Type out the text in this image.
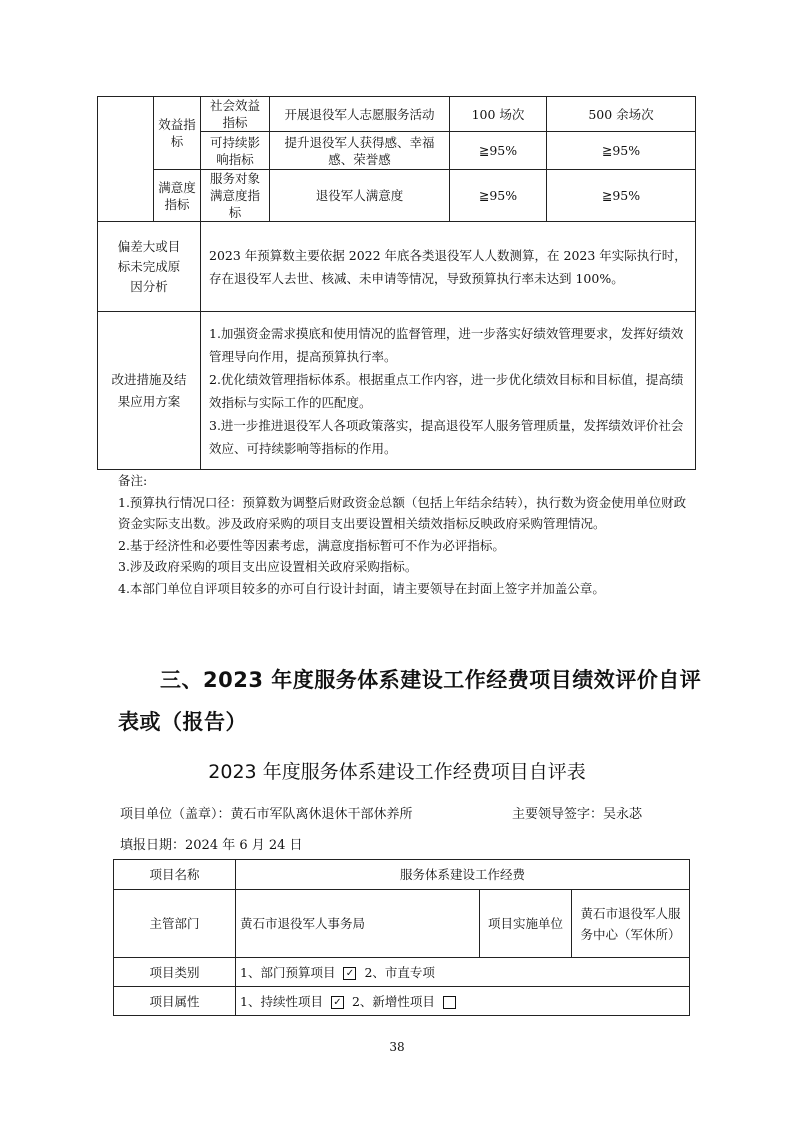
	效益指标	社会效益指标	开展退役军人志愿服务活动	100 场次	500 余场次
		可持续影响指标	提升退役军人获得感、幸福感、荣誉感	≧95%	≧95%
	满意度指标	服务对象满意度指标	退役军人满意度	≧95%	≧95%
偏差大或目标未完成原因分析		2023 年预算数主要依据 2022 年底各类退役军人人数测算，在 2023 年实际执行时，存在退役军人去世、核减、未申请等情况，导致预算执行率未达到 100%。			
改进措施及结果应用方案		1.加强资金需求摸底和使用情况的监督管理，进一步落实好绩效管理要求，发挥好绩效管理导向作用，提高预算执行率。
2.优化绩效管理指标体系。根据重点工作内容，进一步优化绩效目标和目标值，提高绩效指标与实际工作的匹配度。
3.进一步推进退役军人各项政策落实，提高退役军人服务管理质量，发挥绩效评价社会效应、可持续影响等指标的作用。			

备注:

1.预算执行情况口径：预算数为调整后财政资金总额（包括上年结余结转），执行数为资金使用单位财政资金实际支出数。涉及政府采购的项目支出要设置相关绩效指标反映政府采购管理情况。

2.基于经济性和必要性等因素考虑，满意度指标暂可不作为必评指标。

3.涉及政府采购的项目支出应设置相关政府采购指标。

4.本部门单位自评项目较多的亦可自行设计封面，请主要领导在封面上签字并加盖公章。

三、2023 年度服务体系建设工作经费项目绩效评价自评
表或（报告）
2023 年度服务体系建设工作经费项目自评表
项目单位（盖章）：黄石市军队离休退休干部休养所	主要领导签字：吴永苾
填报日期：2024 年 6 月 24 日
项目名称	服务体系建设工作经费		
主管部门	黄石市退役军人事务局	项目实施单位	黄石市退役军人服务中心（军休所）
项目类别	1、部门预算项目 ✓ 2、市直专项		
项目属性	1、持续性项目 ✓ 2、新增性项目		
38
